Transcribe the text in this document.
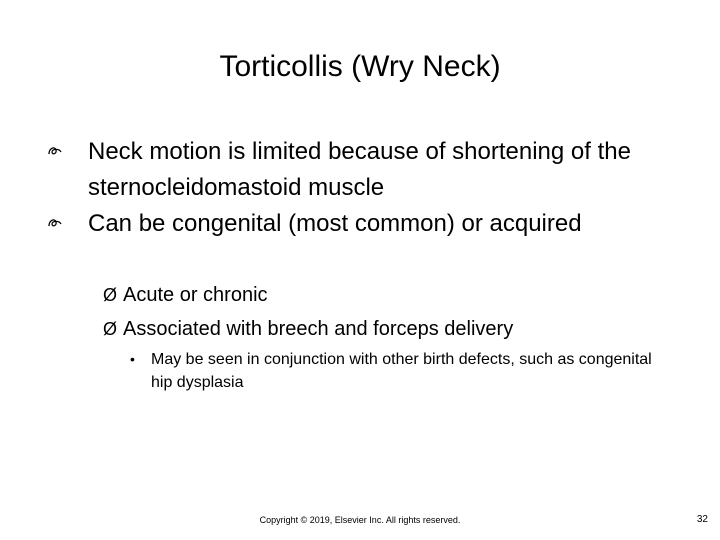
Torticollis (Wry Neck)
Neck motion is limited because of shortening of the sternocleidomastoid muscle
Can be congenital (most common) or acquired
Ø Acute or chronic
Ø Associated with breech and forceps delivery
• May be seen in conjunction with other birth defects, such as congenital hip dysplasia
Copyright © 2019, Elsevier Inc. All rights reserved.	32
